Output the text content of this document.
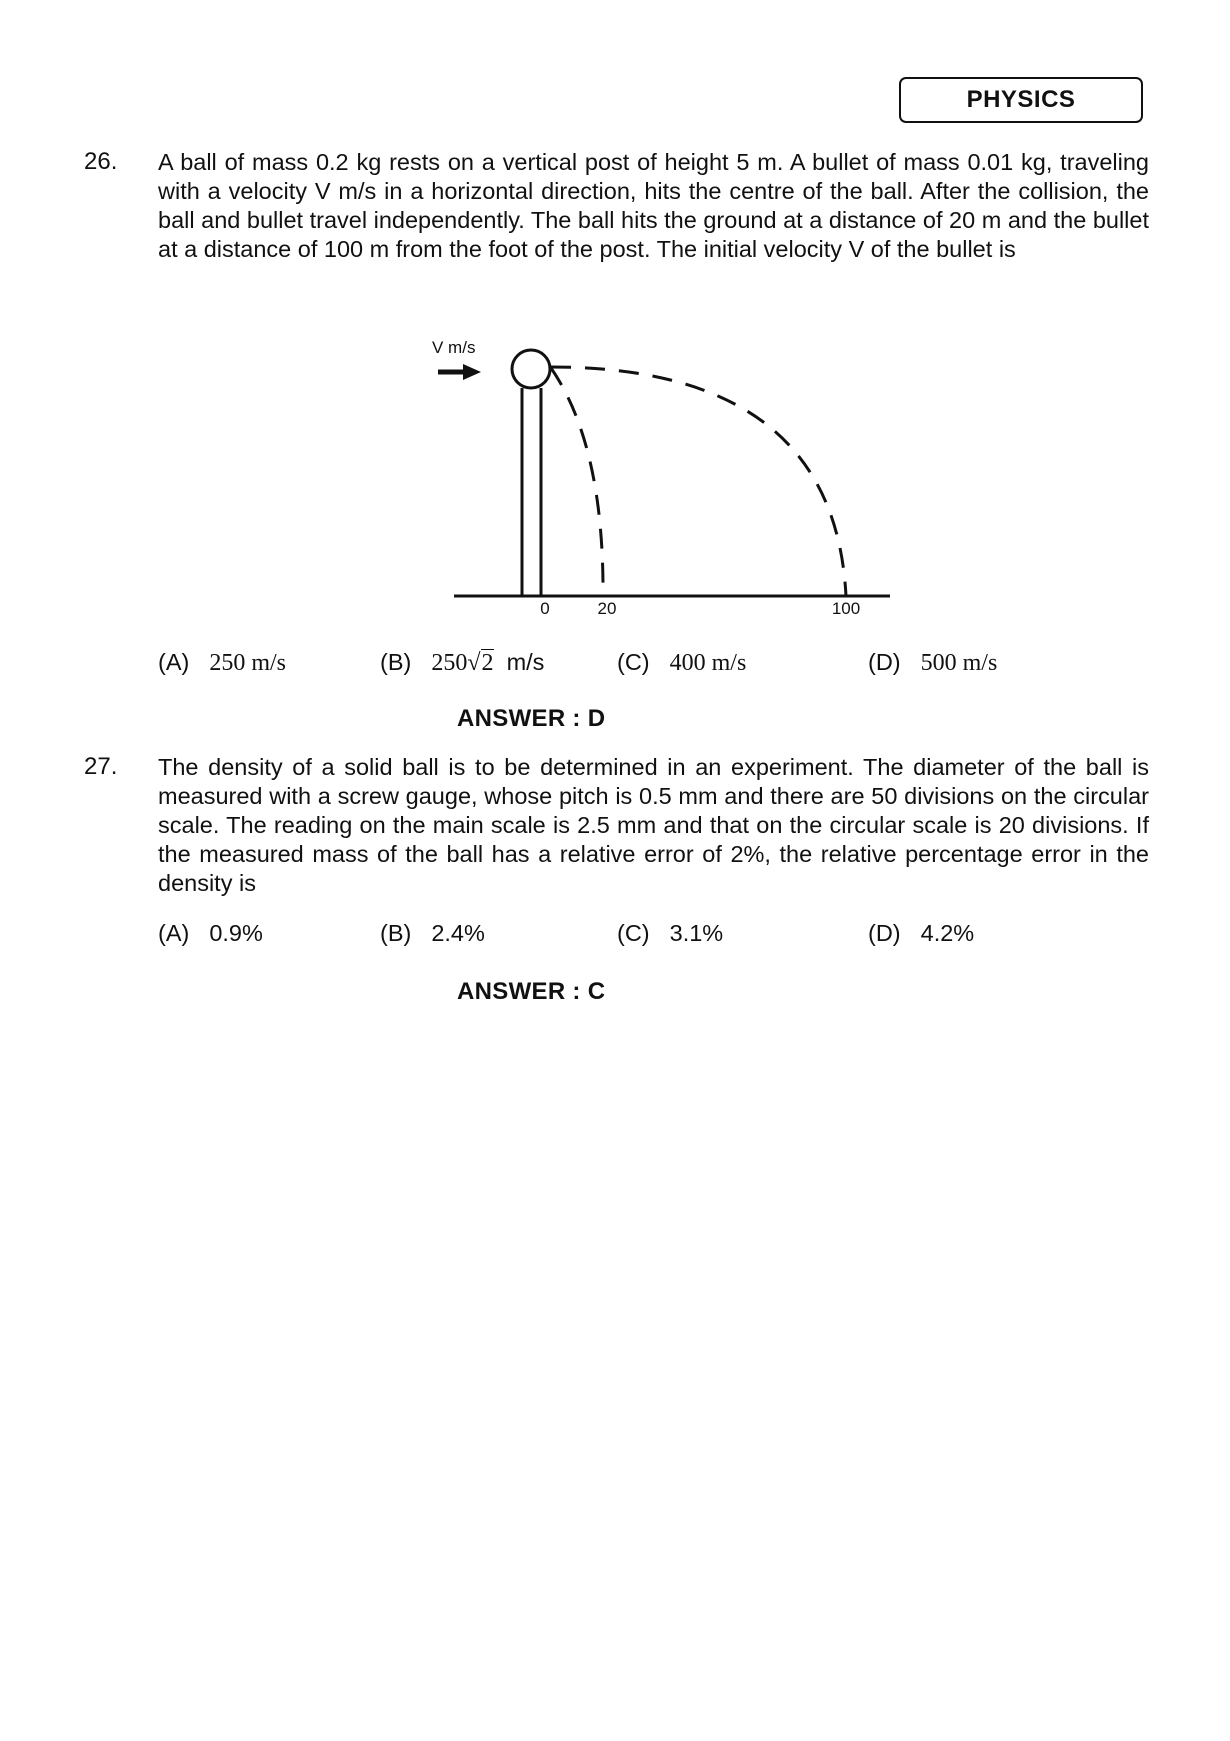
PHYSICS
26. A ball of mass 0.2 kg rests on a vertical post of height 5 m. A bullet of mass 0.01 kg, traveling with a velocity V m/s in a horizontal direction, hits the centre of the ball. After the collision, the ball and bullet travel independently. The ball hits the ground at a distance of 20 m and the bullet at a distance of 100 m from the foot of the post. The initial velocity V of the bullet is
V m/s
0	20	100
(A) 250 m/s	(B) 250√2 m/s	(C) 400 m/s	(D) 500 m/s
ANSWER : D
27. The density of a solid ball is to be determined in an experiment. The diameter of the ball is measured with a screw gauge, whose pitch is 0.5 mm and there are 50 divisions on the circular scale. The reading on the main scale is 2.5 mm and that on the circular scale is 20 divisions. If the measured mass of the ball has a relative error of 2%, the relative percentage error in the density is
(A) 0.9%	(B) 2.4%	(C) 3.1%	(D) 4.2%
ANSWER : C
